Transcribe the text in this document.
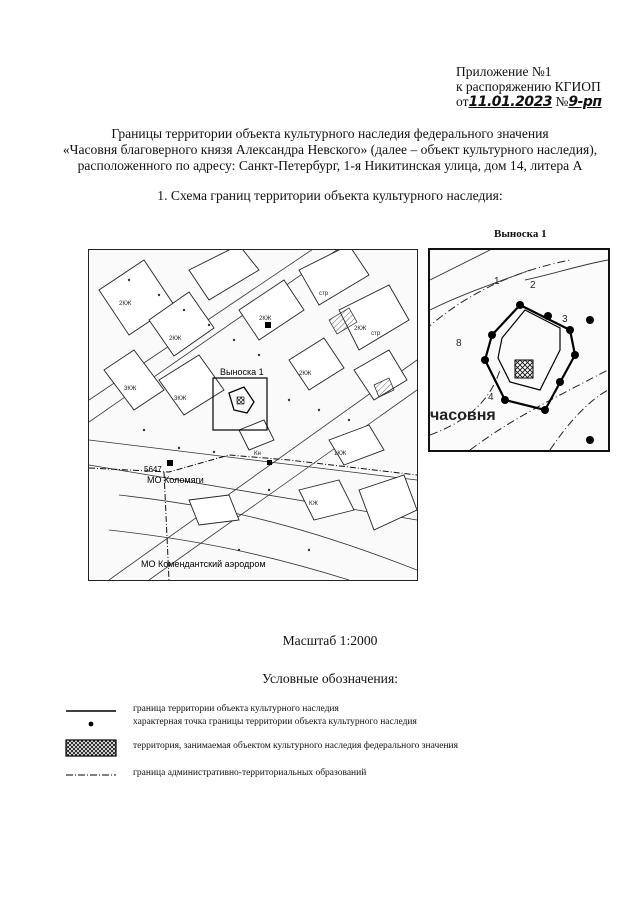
Приложение №1
к распоряжению КГИОП
от11.01.2023 №9-рп
Границы территории объекта культурного наследия федерального значения
«Часовня благоверного князя Александра Невского» (далее – объект культурного наследия),
расположенного по адресу: Санкт-Петербург, 1-я Никитинская улица, дом 14, литера А
1. Схема границ территории объекта культурного наследия:
2КЖ
2КЖ
3КЖ
3КЖ
2КЖ
2КЖ
2КЖ
1КЖ
КЖ
стр
стр
Кн
Выноска 1
5647
МО Коломяги
МО Комендантский аэродром
Выноска 1
1	2
3
8
4
часовня
Масштаб 1:2000
Условные обозначения:
граница территории объекта культурного наследия
характерная точка границы территории объекта культурного наследия
территория, занимаемая объектом культурного наследия федерального значения
граница административно-территориальных образований
